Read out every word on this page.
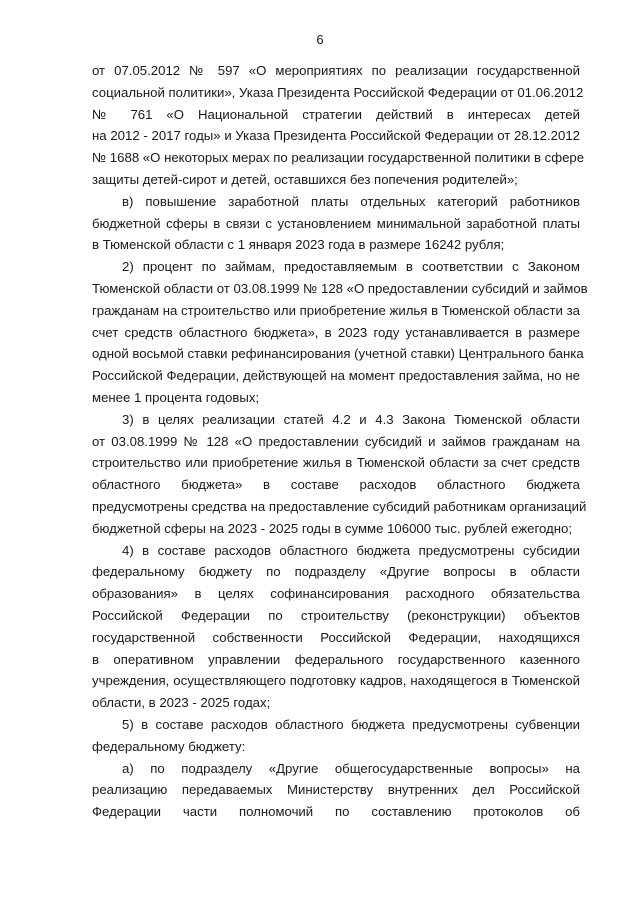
6
от 07.05.2012 № 597 «О мероприятиях по реализации государственной
социальной политики», Указа Президента Российской Федерации от 01.06.2012
№ 761 «О Национальной стратегии действий в интересах детей
на 2012 - 2017 годы» и Указа Президента Российской Федерации от 28.12.2012
№ 1688 «О некоторых мерах по реализации государственной политики в сфере
защиты детей-сирот и детей, оставшихся без попечения родителей»;
в) повышение заработной платы отдельных категорий работников
бюджетной сферы в связи с установлением минимальной заработной платы
в Тюменской области с 1 января 2023 года в размере 16242 рубля;
2) процент по займам, предоставляемым в соответствии с Законом
Тюменской области от 03.08.1999 № 128 «О предоставлении субсидий и займов
гражданам на строительство или приобретение жилья в Тюменской области за
счет средств областного бюджета», в 2023 году устанавливается в размере
одной восьмой ставки рефинансирования (учетной ставки) Центрального банка
Российской Федерации, действующей на момент предоставления займа, но не
менее 1 процента годовых;
3) в целях реализации статей 4.2 и 4.3 Закона Тюменской области
от 03.08.1999 № 128 «О предоставлении субсидий и займов гражданам на
строительство или приобретение жилья в Тюменской области за счет средств
областного бюджета» в составе расходов областного бюджета
предусмотрены средства на предоставление субсидий работникам организаций
бюджетной сферы на 2023 - 2025 годы в сумме 106000 тыс. рублей ежегодно;
4) в составе расходов областного бюджета предусмотрены субсидии
федеральному бюджету по подразделу «Другие вопросы в области
образования» в целях софинансирования расходного обязательства
Российской Федерации по строительству (реконструкции) объектов
государственной собственности Российской Федерации, находящихся
в оперативном управлении федерального государственного казенного
учреждения, осуществляющего подготовку кадров, находящегося в Тюменской
области, в 2023 - 2025 годах;
5) в составе расходов областного бюджета предусмотрены субвенции
федеральному бюджету:
а) по подразделу «Другие общегосударственные вопросы» на
реализацию передаваемых Министерству внутренних дел Российской
Федерации части полномочий по составлению протоколов об
